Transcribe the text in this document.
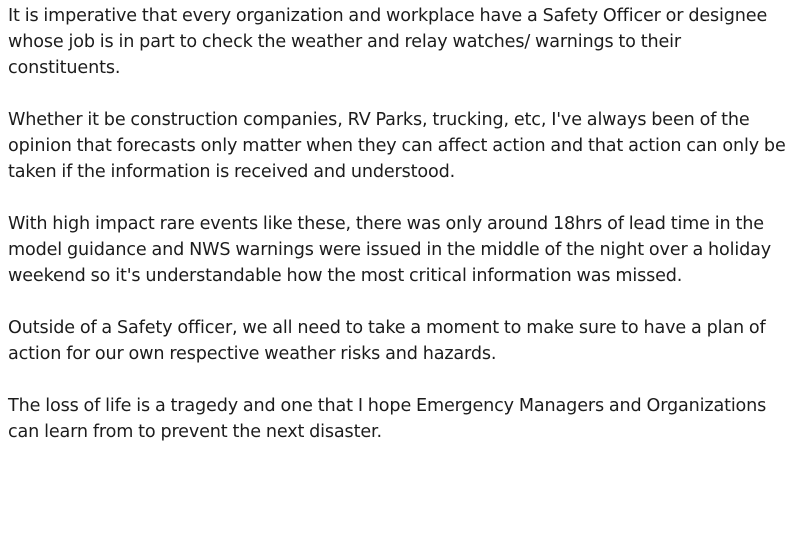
It is imperative that every organization and workplace have a Safety Officer or designee whose job is in part to check the weather and relay watches/ warnings to their constituents.

Whether it be construction companies, RV Parks, trucking, etc, I've always been of the opinion that forecasts only matter when they can affect action and that action can only be taken if the information is received and understood.

With high impact rare events like these, there was only around 18hrs of lead time in the model guidance and NWS warnings were issued in the middle of the night over a holiday weekend so it's understandable how the most critical information was missed.

Outside of a Safety officer, we all need to take a moment to make sure to have a plan of action for our own respective weather risks and hazards.

The loss of life is a tragedy and one that I hope Emergency Managers and Organizations can learn from to prevent the next disaster.
